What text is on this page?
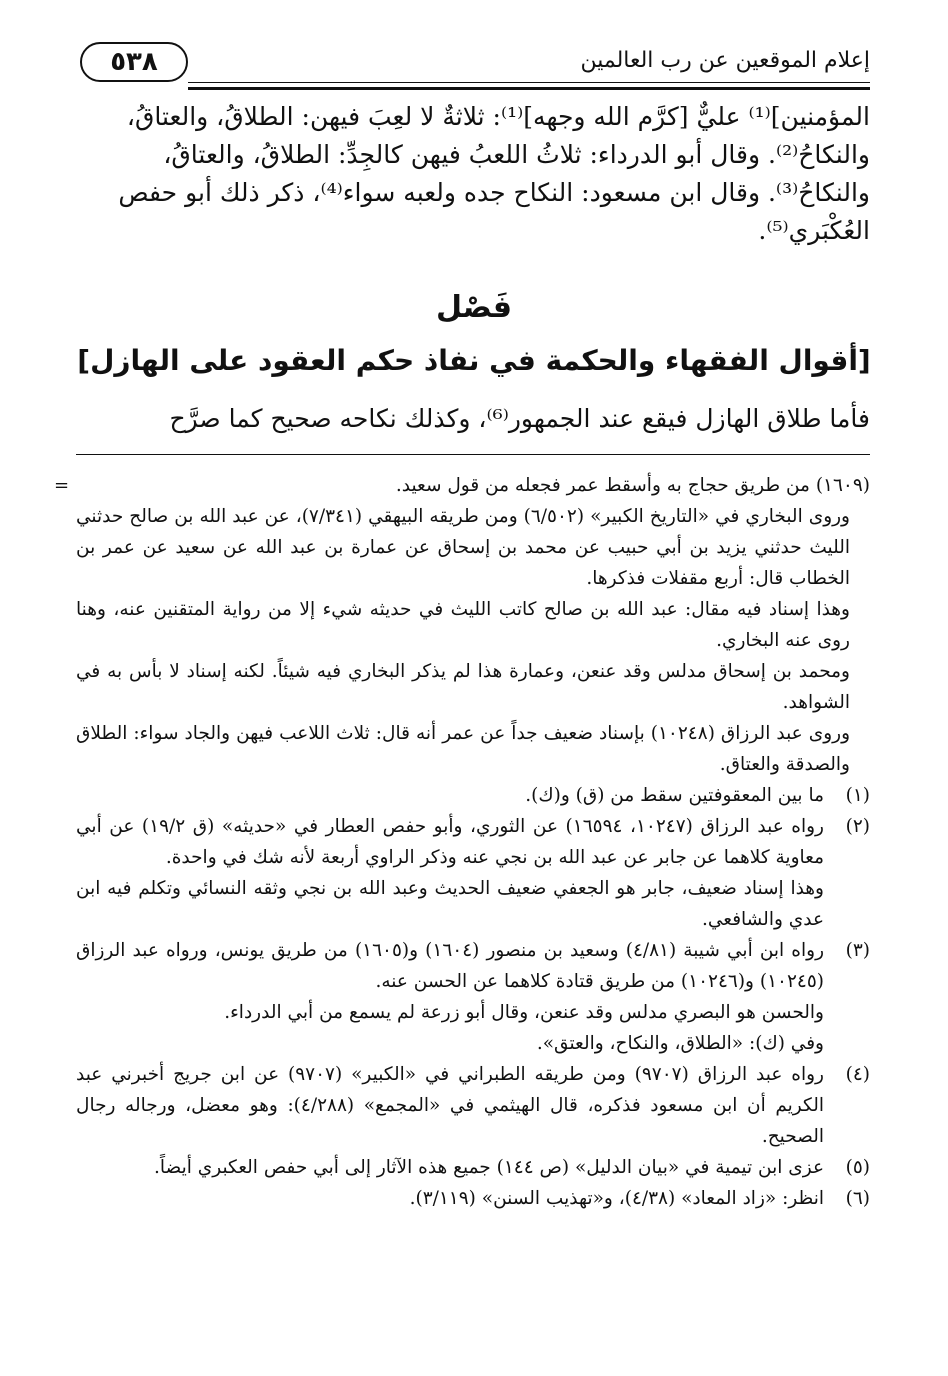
إعلام الموقعين عن رب العالمين
٥٣٨

المؤمنين]⁽¹⁾ عليٌّ [كرَّم الله وجهه]⁽¹⁾: ثلاثةٌ لا لعِبَ فيهن: الطلاقُ، والعتاقُ،

والنكاحُ⁽²⁾. وقال أبو الدرداء: ثلاثُ اللعبُ فيهن كالجِدِّ: الطلاقُ، والعتاقُ،

والنكاحُ⁽³⁾. وقال ابن مسعود: النكاح جده ولعبه سواء⁽⁴⁾، ذكر ذلك أبو حفص

العُكْبَري⁽⁵⁾.

فَصْل
[أقوال الفقهاء والحكمة في نفاذ حكم العقود على الهازل]
فأما طلاق الهازل فيقع عند الجمهور⁽⁶⁾، وكذلك نكاحه صحيح كما صرَّح
=	(١٦٠٩) من طريق حجاج به وأسقط عمر فجعله من قول سعيد.
وروى البخاري في «التاريخ الكبير» (٦/٥٠٢) ومن طريقه البيهقي (٧/٣٤١)، عن عبد الله بن صالح حدثني الليث حدثني يزيد بن أبي حبيب عن محمد بن إسحاق عن عمارة بن عبد الله عن سعيد عن عمر بن الخطاب قال: أربع مقفلات فذكرها.
وهذا إسناد فيه مقال: عبد الله بن صالح كاتب الليث في حديثه شيء إلا من رواية المتقنين عنه، وهنا روى عنه البخاري.
ومحمد بن إسحاق مدلس وقد عنعن، وعمارة هذا لم يذكر البخاري فيه شيئاً. لكنه إسناد لا بأس به في الشواهد.
وروى عبد الرزاق (١٠٢٤٨) بإسناد ضعيف جداً عن عمر أنه قال: ثلاث اللاعب فيهن والجاد سواء: الطلاق والصدقة والعتاق.
(١)
ما بين المعقوفتين سقط من (ق) و(ك).
(٢)
رواه عبد الرزاق (١٠٢٤٧، ١٦٥٩٤) عن الثوري، وأبو حفص العطار في «حديثه» (ق ١٩/٢) عن أبي معاوية كلاهما عن جابر عن عبد الله بن نجي عنه وذكر الراوي أربعة لأنه شك في واحدة.
وهذا إسناد ضعيف، جابر هو الجعفي ضعيف الحديث وعبد الله بن نجي وثقه النسائي وتكلم فيه ابن عدي والشافعي.
(٣)
رواه ابن أبي شيبة (٤/٨١) وسعيد بن منصور (١٦٠٤) و(١٦٠٥) من طريق يونس، ورواه عبد الرزاق (١٠٢٤٥) و(١٠٢٤٦) من طريق قتادة كلاهما عن الحسن عنه.
والحسن هو البصري مدلس وقد عنعن، وقال أبو زرعة لم يسمع من أبي الدرداء.
وفي (ك): «الطلاق، والنكاح، والعتق».
(٤)
رواه عبد الرزاق (٩٧٠٧) ومن طريقه الطبراني في «الكبير» (٩٧٠٧) عن ابن جريج أخبرني عبد الكريم أن ابن مسعود فذكره، قال الهيثمي في «المجمع» (٤/٢٨٨): وهو معضل، ورجاله رجال الصحيح.
(٥)
عزى ابن تيمية في «بيان الدليل» (ص ١٤٤) جميع هذه الآثار إلى أبي حفص العكبري أيضاً.
(٦)
انظر: «زاد المعاد» (٤/٣٨)، و«تهذيب السنن» (٣/١١٩).
